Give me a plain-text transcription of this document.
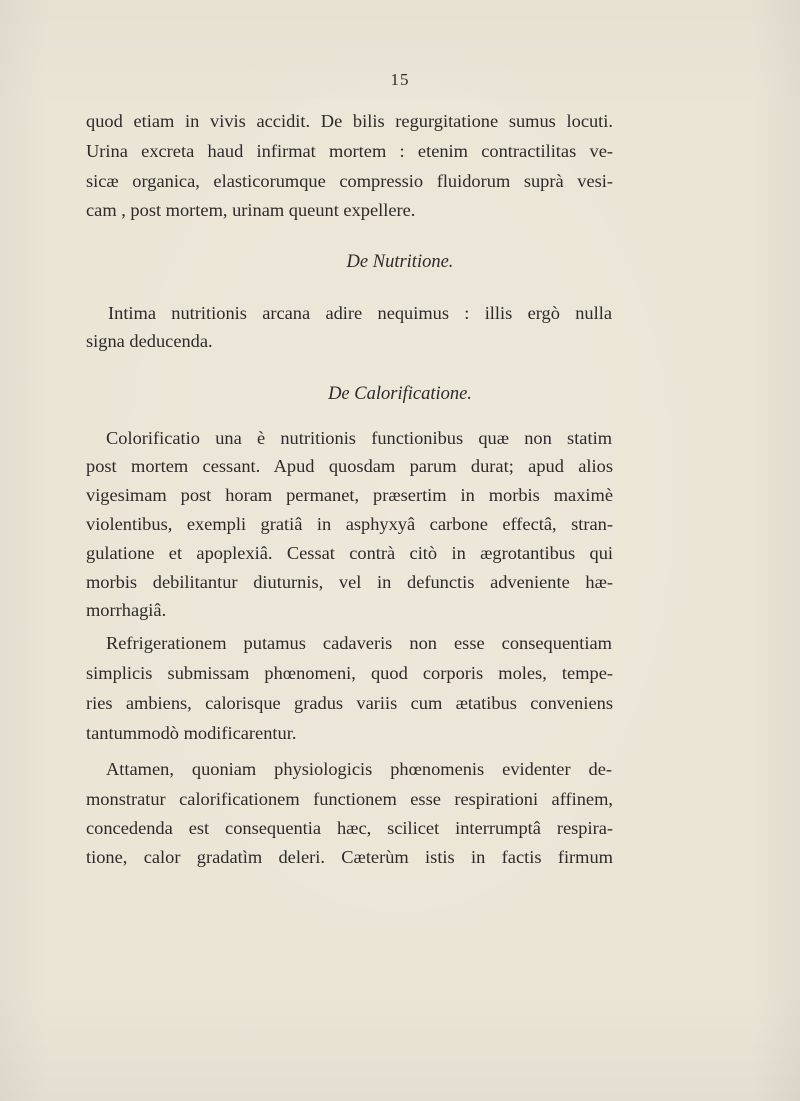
15
quod etiam in vivis accidit. De bilis regurgitatione sumus locuti.
Urina excreta haud infirmat mortem : etenim contractilitas ve-
sicæ organica, elasticorumque compressio fluidorum suprà vesi-
cam , post mortem, urinam queunt expellere.
De Nutritione.
Intima nutritionis arcana adire nequimus : illis ergò nulla
signa deducenda.
De Calorificatione.
Colorificatio una è nutritionis functionibus quæ non statim
post mortem cessant. Apud quosdam parum durat; apud alios
vigesimam post horam permanet, præsertim in morbis maximè
violentibus, exempli gratiâ in asphyxyâ carbone effectâ, stran-
gulatione et apoplexiâ. Cessat contrà citò in ægrotantibus qui
morbis debilitantur diuturnis, vel in defunctis adveniente hæ-
morrhagiâ.
Refrigerationem putamus cadaveris non esse consequentiam
simplicis submissam phœnomeni, quod corporis moles, tempe-
ries ambiens, calorisque gradus variis cum ætatibus conveniens
tantummodò modificarentur.
Attamen, quoniam physiologicis phœnomenis evidenter de-
monstratur calorificationem functionem esse respirationi affinem,
concedenda est consequentia hæc, scilicet interrumptâ respira-
tione, calor gradatìm deleri. Cæterùm istis in factis firmum
